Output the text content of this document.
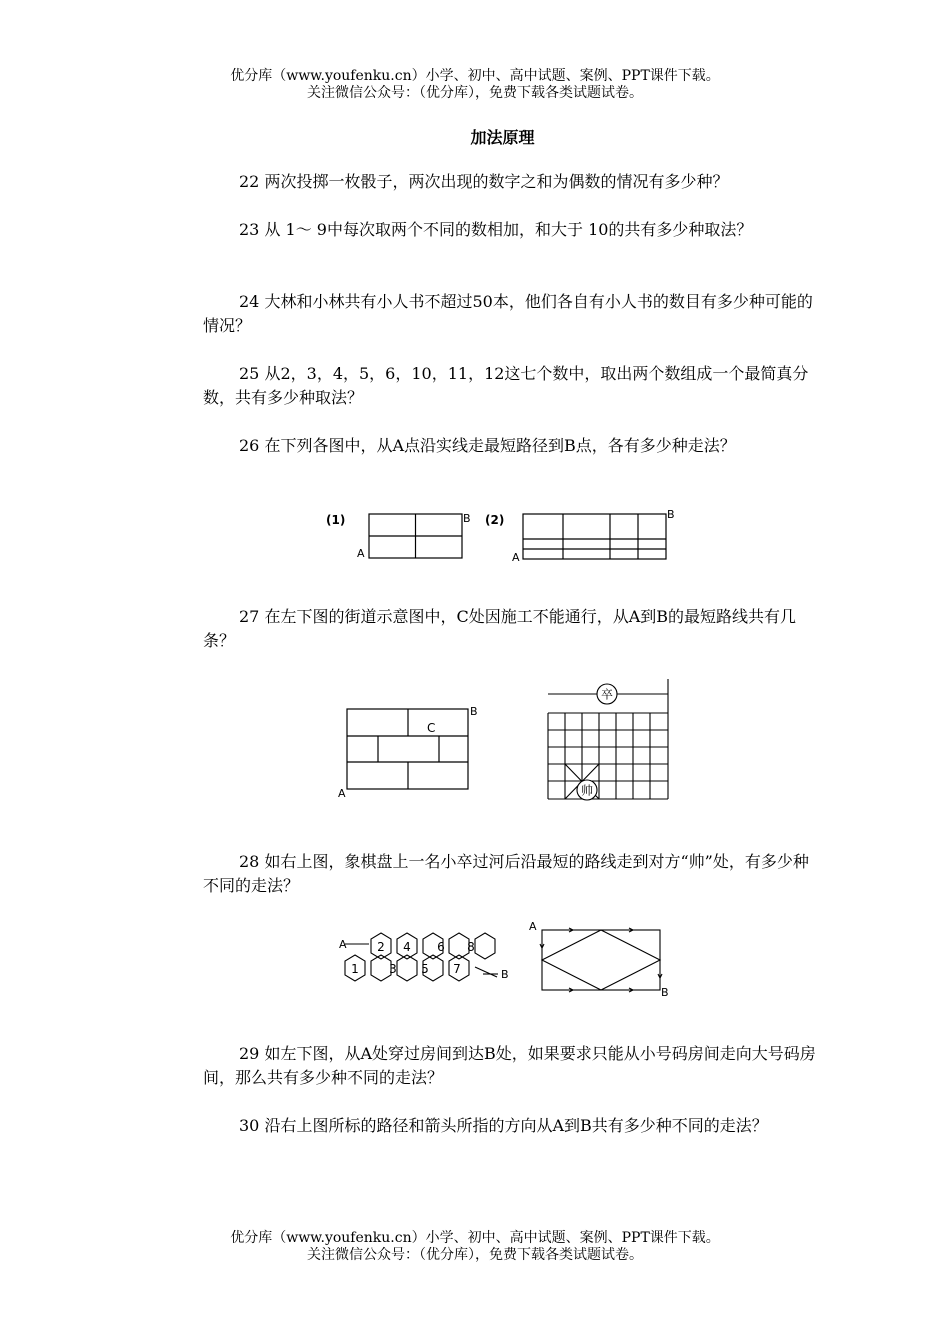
优分库（www.youfenku.cn）小学、初中、高中试题、案例、PPT课件下载。
关注微信公众号：（优分库），免费下载各类试题试卷。
加法原理
22 两次投掷一枚骰子，两次出现的数字之和为偶数的情况有多少种？
23 从 1～ 9中每次取两个不同的数相加，和大于 10的共有多少种取法？
24 大林和小林共有小人书不超过50本，他们各自有小人书的数目有多少种可能的情况？
25 从2，3，4，5，6，10，11，12这七个数中，取出两个数组成一个最简真分数，共有多少种取法？
26 在下列各图中，从A点沿实线走最短路径到B点，各有多少种走法？
(1)	B
A
(2)	B
A
27 在左下图的街道示意图中，C处因施工不能通行，从A到B的最短路线共有几条？
C
B
A
卒
帅
28 如右上图，象棋盘上一名小卒过河后沿最短的路线走到对方“帅”处，有多少种不同的走法？
A
B
1
2
3
4
5
6
7
8
A
B
29 如左下图，从A处穿过房间到达B处，如果要求只能从小号码房间走向大号码房间，那么共有多少种不同的走法？
30 沿右上图所标的路径和箭头所指的方向从A到B共有多少种不同的走法？
优分库（www.youfenku.cn）小学、初中、高中试题、案例、PPT课件下载。
关注微信公众号：（优分库），免费下载各类试题试卷。
